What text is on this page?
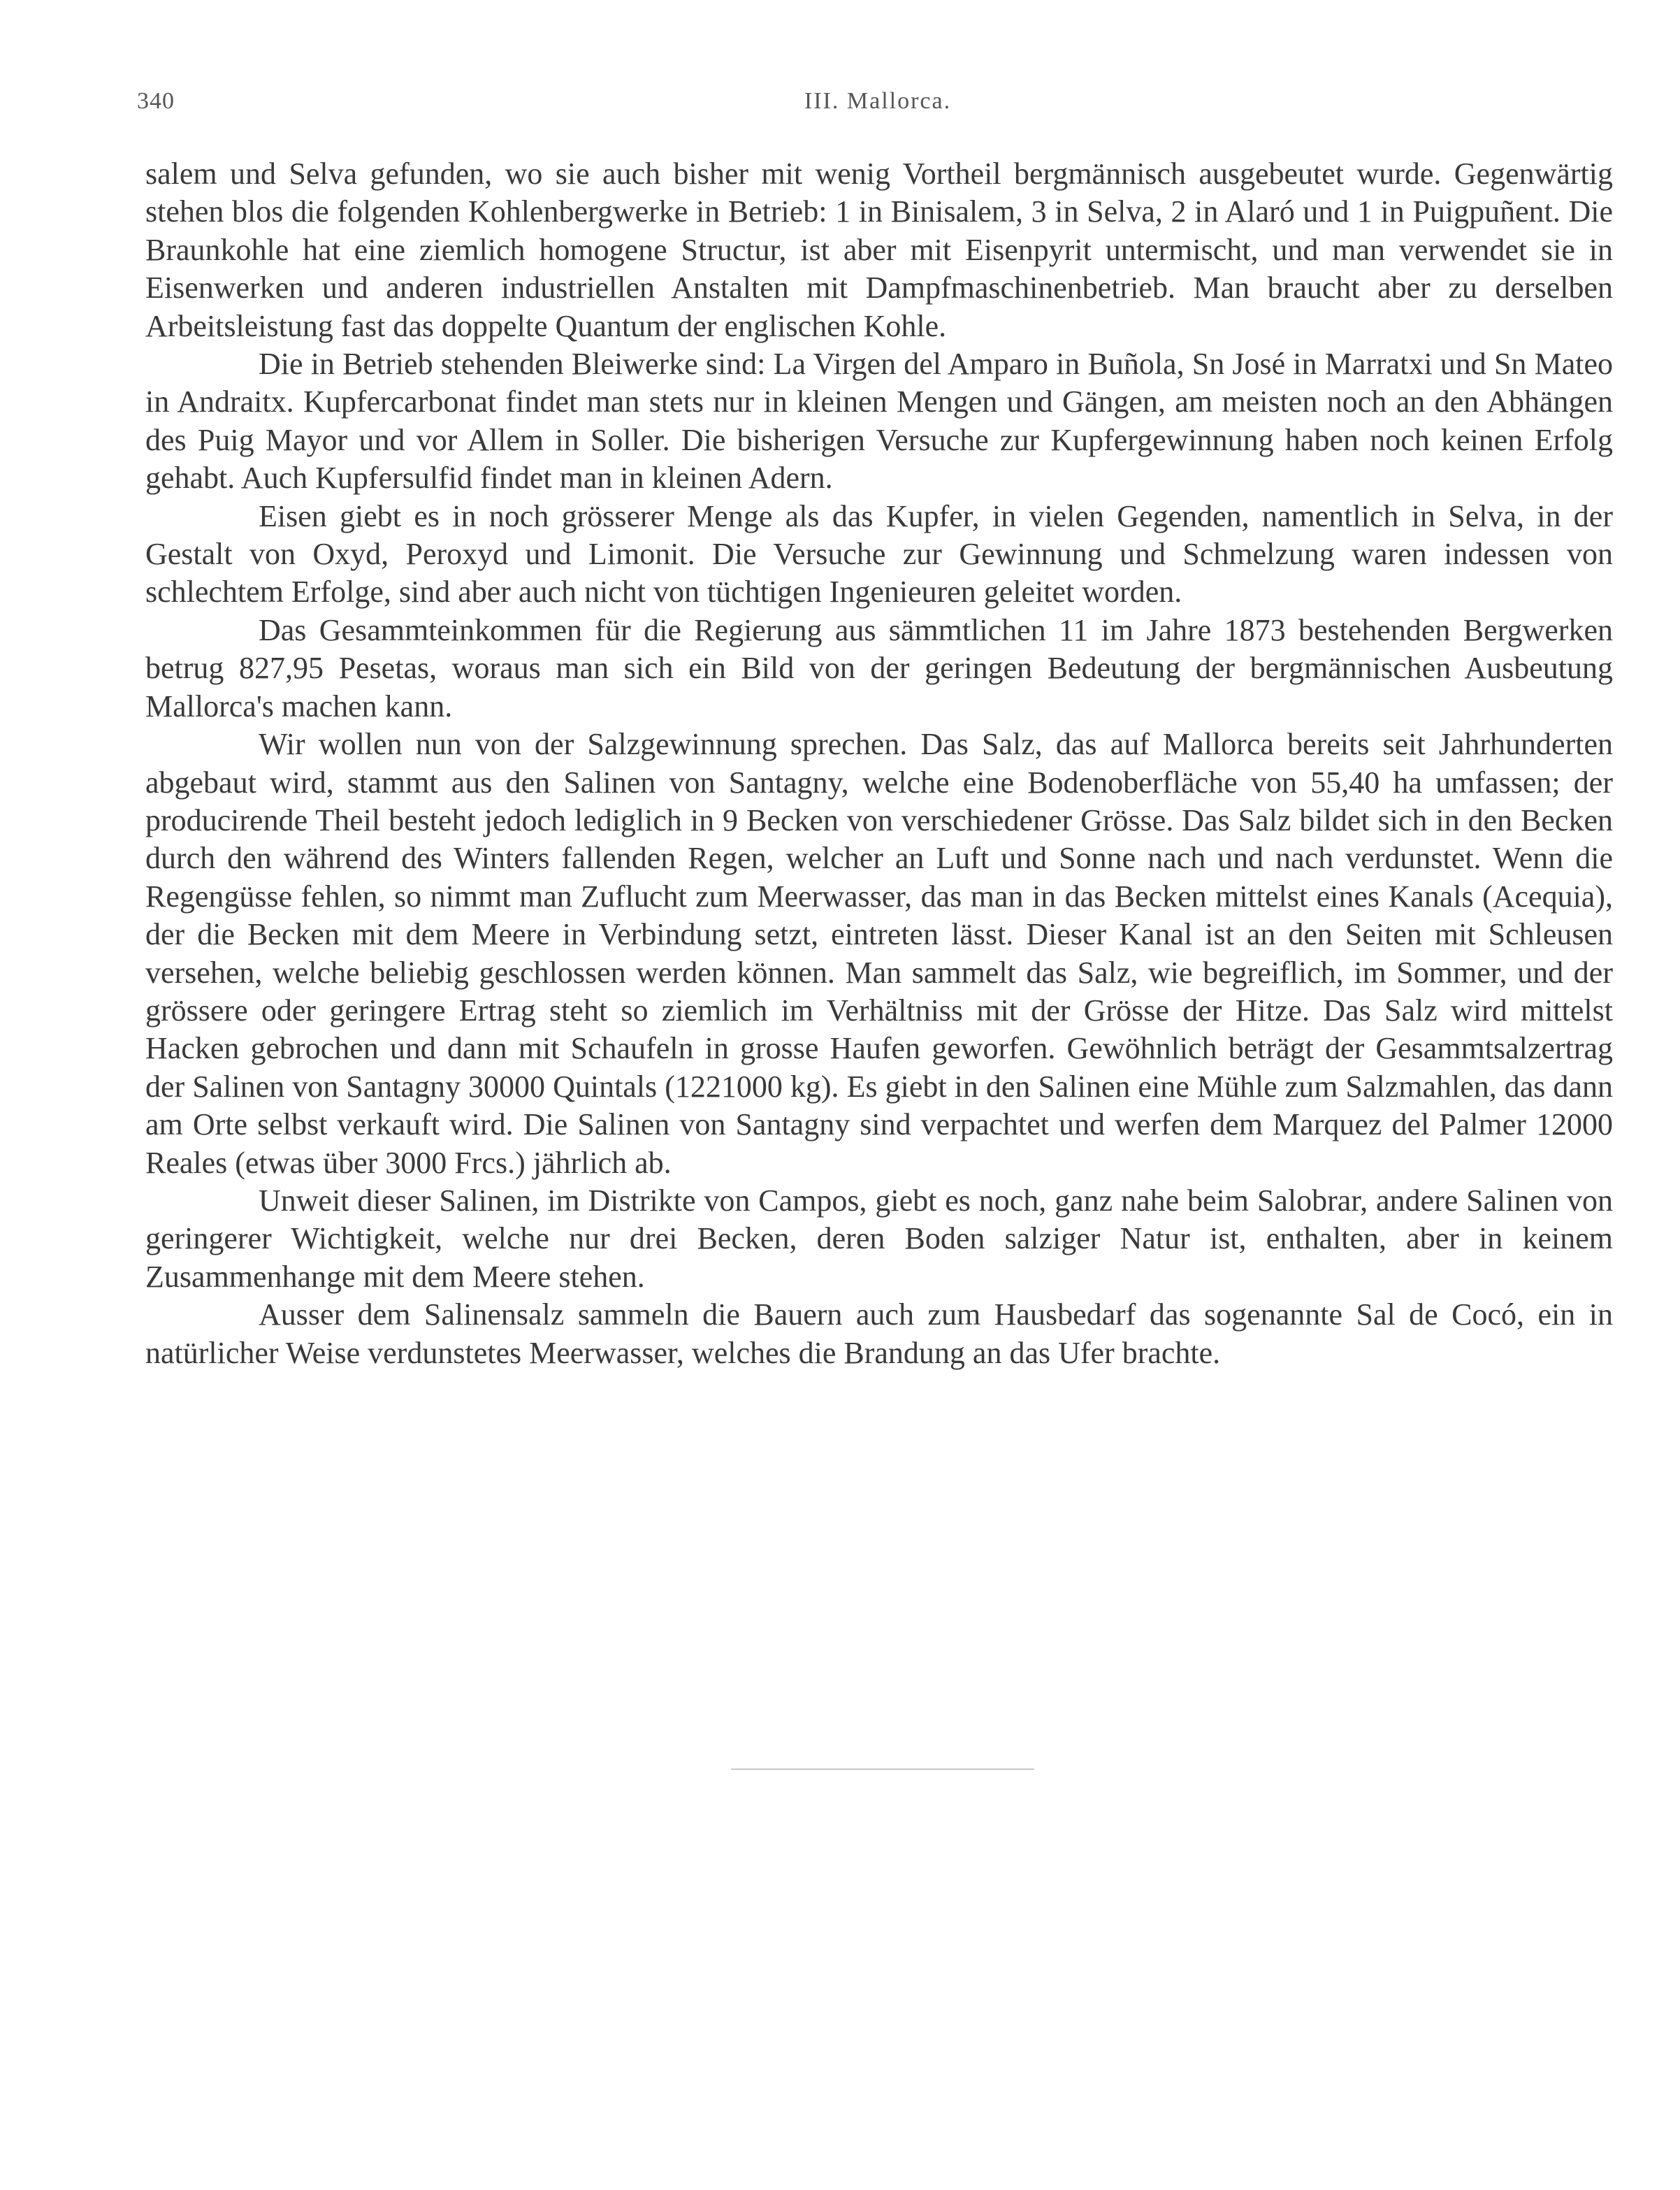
340	III. Mallorca.

salem und Selva gefunden, wo sie auch bisher mit wenig Vortheil bergmännisch ausgebeutet wurde. Gegenwärtig stehen blos die folgenden Kohlenbergwerke in Betrieb: 1 in Binisalem, 3 in Selva, 2 in Alaró und 1 in Puigpuñent. Die Braunkohle hat eine ziemlich homogene Structur, ist aber mit Eisenpyrit untermischt, und man verwendet sie in Eisenwerken und anderen industriellen Anstalten mit Dampfmaschinenbetrieb. Man braucht aber zu derselben Arbeitsleistung fast das doppelte Quantum der englischen Kohle.

Die in Betrieb stehenden Bleiwerke sind: La Virgen del Amparo in Buñola, Sn José in Marratxi und Sn Mateo in Andraitx. Kupfercarbonat findet man stets nur in kleinen Mengen und Gängen, am meisten noch an den Abhängen des Puig Mayor und vor Allem in Soller. Die bisherigen Versuche zur Kupfergewinnung haben noch keinen Erfolg gehabt. Auch Kupfersulfid findet man in kleinen Adern.

Eisen giebt es in noch grösserer Menge als das Kupfer, in vielen Gegenden, namentlich in Selva, in der Gestalt von Oxyd, Peroxyd und Limonit. Die Versuche zur Gewinnung und Schmelzung waren indessen von schlechtem Erfolge, sind aber auch nicht von tüchtigen Ingenieuren geleitet worden.

Das Gesammteinkommen für die Regierung aus sämmtlichen 11 im Jahre 1873 bestehenden Bergwerken betrug 827,95 Pesetas, woraus man sich ein Bild von der geringen Bedeutung der bergmännischen Ausbeutung Mallorca's machen kann.

Wir wollen nun von der Salzgewinnung sprechen. Das Salz, das auf Mallorca bereits seit Jahrhunderten abgebaut wird, stammt aus den Salinen von Santagny, welche eine Bodenoberfläche von 55,40 ha umfassen; der producirende Theil besteht jedoch lediglich in 9 Becken von verschiedener Grösse. Das Salz bildet sich in den Becken durch den während des Winters fallenden Regen, welcher an Luft und Sonne nach und nach verdunstet. Wenn die Regengüsse fehlen, so nimmt man Zuflucht zum Meerwasser, das man in das Becken mittelst eines Kanals (Acequia), der die Becken mit dem Meere in Verbindung setzt, eintreten lässt. Dieser Kanal ist an den Seiten mit Schleusen versehen, welche beliebig geschlossen werden können. Man sammelt das Salz, wie begreiflich, im Sommer, und der grössere oder geringere Ertrag steht so ziemlich im Verhältniss mit der Grösse der Hitze. Das Salz wird mittelst Hacken gebrochen und dann mit Schaufeln in grosse Haufen geworfen. Gewöhnlich beträgt der Gesammtsalzertrag der Salinen von Santagny 30000 Quintals (1221000 kg). Es giebt in den Salinen eine Mühle zum Salzmahlen, das dann am Orte selbst verkauft wird. Die Salinen von Santagny sind verpachtet und werfen dem Marquez del Palmer 12000 Reales (etwas über 3000 Frcs.) jährlich ab.

Unweit dieser Salinen, im Distrikte von Campos, giebt es noch, ganz nahe beim Salobrar, andere Salinen von geringerer Wichtigkeit, welche nur drei Becken, deren Boden salziger Natur ist, enthalten, aber in keinem Zusammenhange mit dem Meere stehen.

Ausser dem Salinensalz sammeln die Bauern auch zum Hausbedarf das sogenannte Sal de Cocó, ein in natürlicher Weise verdunstetes Meerwasser, welches die Brandung an das Ufer brachte.
